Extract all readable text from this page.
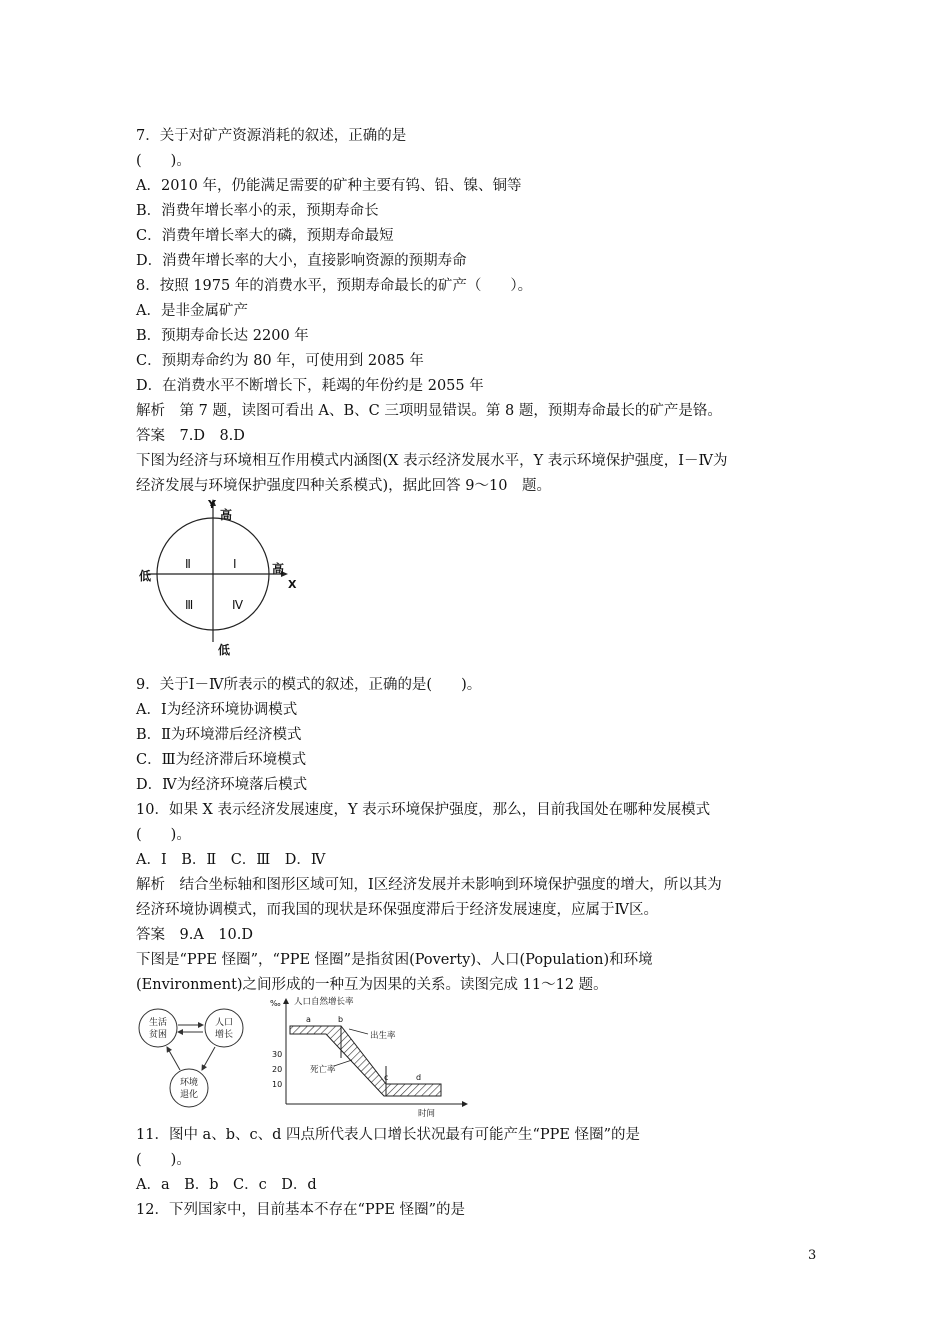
7．关于对矿产资源消耗的叙述，正确的是
(　　)。
A．2010 年，仍能满足需要的矿种主要有钨、铅、镍、铜等
B．消费年增长率小的汞，预期寿命长
C．消费年增长率大的磷，预期寿命最短
D．消费年增长率的大小，直接影响资源的预期寿命
8．按照 1975 年的消费水平，预期寿命最长的矿产（　　）。
A．是非金属矿产
B．预期寿命长达 2200 年
C．预期寿命约为 80 年，可使用到 2085 年
D．在消费水平不断增长下，耗竭的年份约是 2055 年
解析　第 7 题，读图可看出 A、B、C 三项明显错误。第 8 题，预期寿命最长的矿产是铬。
答案　7.D　8.D
下图为经济与环境相互作用模式内涵图(X 表示经济发展水平，Y 表示环境保护强度，Ⅰ－Ⅳ为
经济发展与环境保护强度四种关系模式)，据此回答 9～10　题。
Y
高
低
X
高
低
Ⅰ
Ⅱ
Ⅲ	Ⅳ
9．关于Ⅰ－Ⅳ所表示的模式的叙述，正确的是(　　)。
A．Ⅰ为经济环境协调模式
B．Ⅱ为环境滞后经济模式
C．Ⅲ为经济滞后环境模式
D．Ⅳ为经济环境落后模式
10．如果 X 表示经济发展速度，Y 表示环境保护强度，那么，目前我国处在哪种发展模式
(　　)。
A．Ⅰ　B．Ⅱ　C．Ⅲ　D．Ⅳ
解析　结合坐标轴和图形区域可知，Ⅰ区经济发展并未影响到环境保护强度的增大，所以其为
经济环境协调模式，而我国的现状是环保强度滞后于经济发展速度，应属于Ⅳ区。
答案　9.A　10.D
下图是“PPE 怪圈”，“PPE 怪圈”是指贫困(Poverty)、人口(Population)和环境
(Environment)之间形成的一种互为因果的关系。读图完成 11～12 题。
生活
贫困
人口
增长
环境
退化
‰ 人口自然增长率
时间
30
20
10
a	b
c	d
出生率
死亡率
11．图中 a、b、c、d 四点所代表人口增长状况最有可能产生“PPE 怪圈”的是
(　　)。
A．a　B．b　C．c　D．d
12．下列国家中，目前基本不存在“PPE 怪圈”的是
3
